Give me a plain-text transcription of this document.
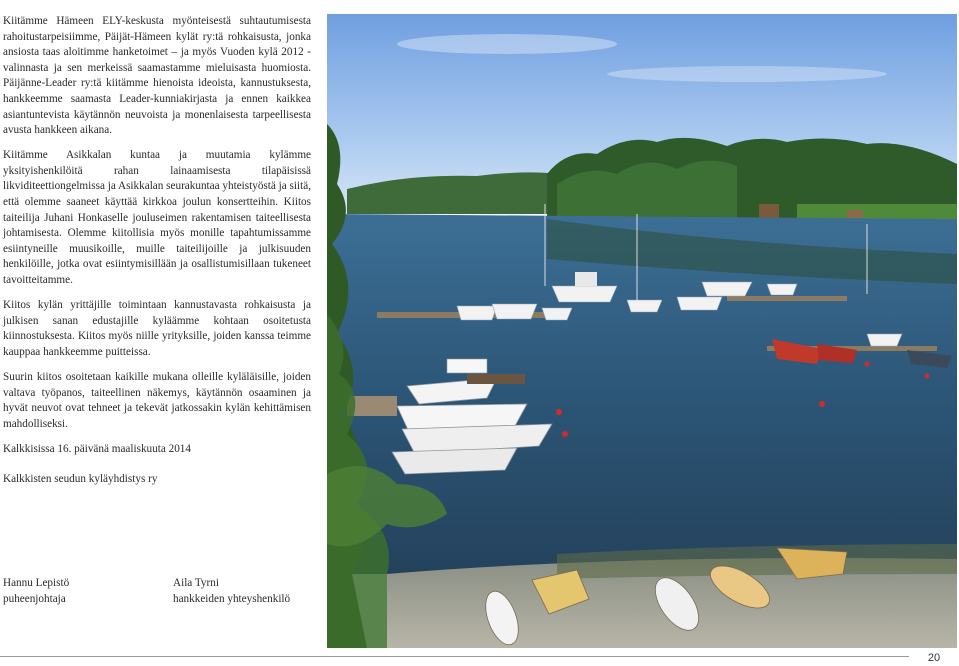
Kiitämme Hämeen ELY-keskusta myönteisestä suhtautumisesta rahoitustarpeisiimme, Päijät-Hämeen kylät ry:tä rohkaisusta, jonka ansiosta taas aloitimme hanketoimet – ja myös Vuoden kylä 2012 -valinnasta ja sen merkeissä saamastamme mieluisasta huomiosta. Päijänne-Leader ry:tä kiitämme hienoista ideoista, kannustuksesta, hankkeemme saamasta Leader-kunniakirjasta ja ennen kaikkea asiantuntevista käytännön neuvoista ja monenlaisesta tarpeellisesta avusta hankkeen aikana.

Kiitämme Asikkalan kuntaa ja muutamia kylämme yksityishenkilöitä rahan lainaamisesta tilapäisissä likviditeettiongelmissa ja Asikkalan seurakuntaa yhteistyöstä ja siitä, että olemme saaneet käyttää kirkkoa joulun konsertteihin. Kiitos taiteilija Juhani Honkaselle jouluseimen rakentamisen taiteellisesta johtamisesta. Olemme kiitollisia myös monille tapahtumissamme esiintyneille muusikoille, muille taiteilijoille ja julkisuuden henkilöille, jotka ovat esiintymisillään ja osallistumisillaan tukeneet tavoitteitamme.

Kiitos kylän yrittäjille toimintaan kannustavasta rohkaisusta ja julkisen sanan edustajille kyläämme kohtaan osoitetusta kiinnostuksesta. Kiitos myös niille yrityksille, joiden kanssa teimme kauppaa hankkeemme puitteissa.

Suurin kiitos osoitetaan kaikille mukana olleille kyläläisille, joiden valtava työpanos, taiteellinen näkemys, käytännön osaaminen ja hyvät neuvot ovat tehneet ja tekevät jatkossakin kylän kehittämisen mahdolliseksi.

Kalkkisissa 16. päivänä maaliskuuta 2014

Kalkkisten seudun kyläyhdistys ry

Hannu Lepistö
puheenjohtaja
Aila Tyrni
hankkeiden yhteyshenkilö
20
